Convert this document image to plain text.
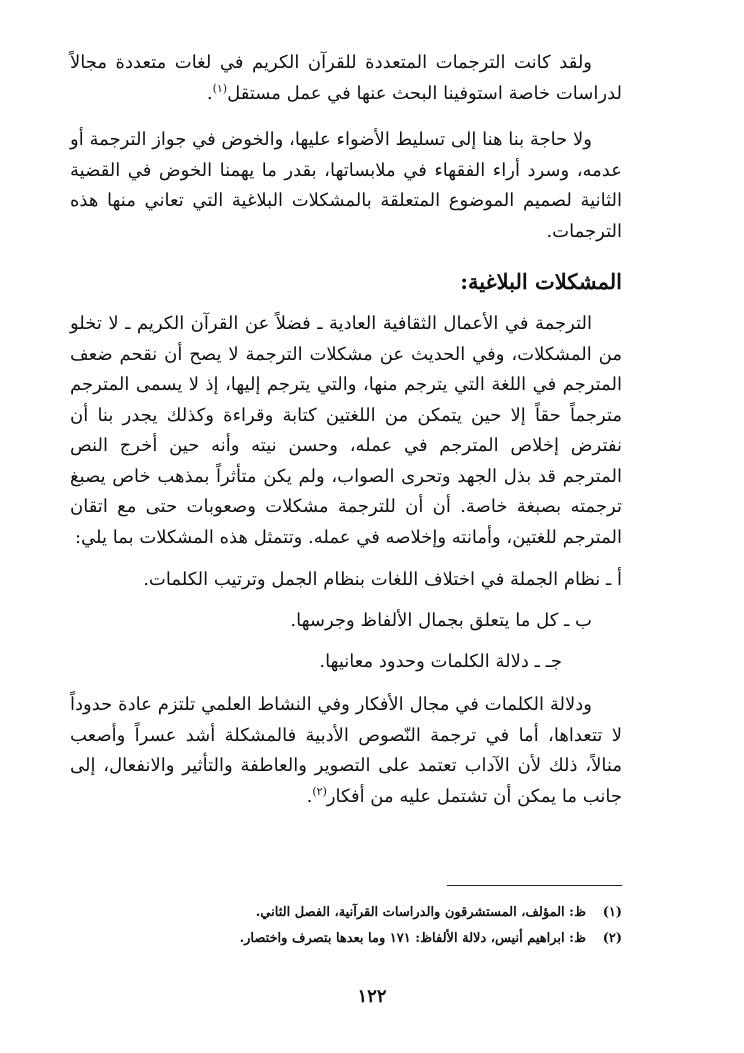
ولقد كانت الترجمات المتعددة للقرآن الكريم في لغات متعددة مجالاً لدراسات خاصة استوفينا البحث عنها في عمل مستقل$^{(١)}$.

ولا حاجة بنا هنا إلى تسليط الأضواء عليها، والخوض في جواز الترجمة أو عدمه، وسرد أراء الفقهاء في ملابساتها، بقدر ما يهمنا الخوض في القضية الثانية لصميم الموضوع المتعلقة بالمشكلات البلاغية التي تعاني منها هذه الترجمات.

المشكلات البلاغية:

الترجمة في الأعمال الثقافية العادية ـ فضلاً عن القرآن الكريم ـ لا تخلو من المشكلات، وفي الحديث عن مشكلات الترجمة لا يصح أن نقحم ضعف المترجم في اللغة التي يترجم منها، والتي يترجم إليها، إذ لا يسمى المترجم مترجماً حقاً إلا حين يتمكن من اللغتين كتابة وقراءة وكذلك يجدر بنا أن نفترض إخلاص المترجم في عمله، وحسن نيته وأنه حين أخرج النص المترجم قد بذل الجهد وتحرى الصواب، ولم يكن متأثراً بمذهب خاص يصبغ ترجمته بصبغة خاصة. أن أن للترجمة مشكلات وصعوبات حتى مع اتقان المترجم للغتين، وأمانته وإخلاصه في عمله. وتتمثل هذه المشكلات بما يلي:

أ ـ نظام الجملة في اختلاف اللغات بنظام الجمل وترتيب الكلمات.
ب ـ كل ما يتعلق بجمال الألفاظ وجرسها.
جـ ـ دلالة الكلمات وحدود معانيها.

ودلالة الكلمات في مجال الأفكار وفي النشاط العلمي تلتزم عادة حدوداً لا تتعداها، أما في ترجمة النّصوص الأدبية فالمشكلة أشد عسراً وأصعب منالاً، ذلك لأن الآداب تعتمد على التصوير والعاطفة والتأثير والانفعال، إلى جانب ما يمكن أن تشتمل عليه من أفكار$^{(٢)}$.

(١)ظ: المؤلف، المستشرقون والدراسات القرآنية، الفصل الثاني.
(٢)ظ: ابراهيم أنيس، دلالة الألفاظ: ١٧١ وما بعدها بتصرف واختصار.
١٢٢
